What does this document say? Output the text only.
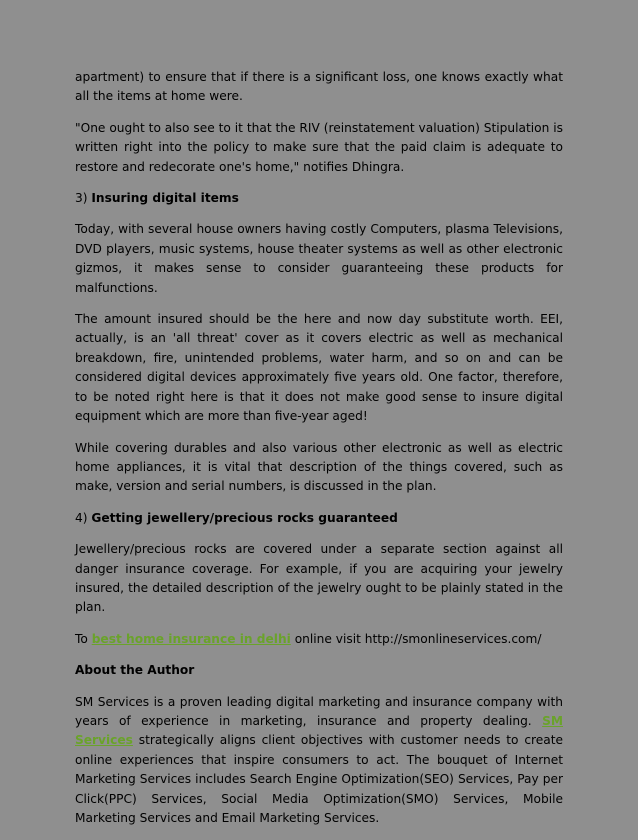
apartment) to ensure that if there is a significant loss, one knows exactly what all the items at home were.

"One ought to also see to it that the RIV (reinstatement valuation) Stipulation is written right into the policy to make sure that the paid claim is adequate to restore and redecorate one's home," notifies Dhingra.

3) Insuring digital items

Today, with several house owners having costly Computers, plasma Televisions, DVD players, music systems, house theater systems as well as other electronic gizmos, it makes sense to consider guaranteeing these products for malfunctions.

The amount insured should be the here and now day substitute worth. EEI, actually, is an 'all threat' cover as it covers electric as well as mechanical breakdown, fire, unintended problems, water harm, and so on and can be considered digital devices approximately five years old. One factor, therefore, to be noted right here is that it does not make good sense to insure digital equipment which are more than five-year aged!

While covering durables and also various other electronic as well as electric home appliances, it is vital that description of the things covered, such as make, version and serial numbers, is discussed in the plan.

4) Getting jewellery/precious rocks guaranteed

Jewellery/precious rocks are covered under a separate section against all danger insurance coverage. For example, if you are acquiring your jewelry insured, the detailed description of the jewelry ought to be plainly stated in the plan.

To best home insurance in delhi online visit http://smonlineservices.com/

About the Author

SM Services is a proven leading digital marketing and insurance company with years of experience in marketing, insurance and property dealing. SM Services strategically aligns client objectives with customer needs to create online experiences that inspire consumers to act. The bouquet of Internet Marketing Services includes Search Engine Optimization(SEO) Services, Pay per Click(PPC) Services, Social Media Optimization(SMO) Services, Mobile Marketing Services and Email Marketing Services.
